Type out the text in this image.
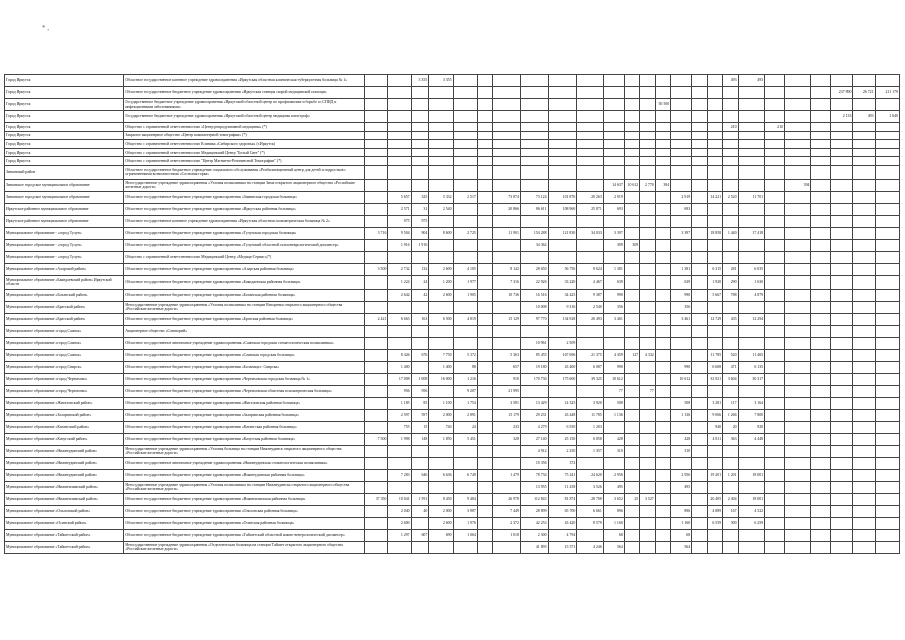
* ,
Город Иркутск	Областное государственное казенное учреждение здравоохранения «Иркутская областная клиническая туберкулезная больница № 1»			3 355	3 355														493	493						
Город Иркутск	Областное государственное бюджетное учреждение здравоохранения «Иркутская станция скорой медицинской помощи»																							237 890	26 721	211 179
Город Иркутск	Государственное бюджетное учреждение здравоохранения «Иркутский областной центр по профилактике и борьбе со СПИД и инфекционными заболеваниями»														50 500											
Город Иркутск	Государственное бюджетное учреждение здравоохранения «Иркутский областной центр медицины катастроф»																							2 133	493	1 640
Город Иркутск	Общество с ограниченной ответственностью «Центр репродуктивной медицины» (*)																		210		210					
Город Иркутск	Закрытое акционерное общество «Центр компьютерной томографии» (*)																									
Город Иркутск	Общество с ограниченной ответственностью Клиника «Сибирского здоровья» (г.Иркутск)																									
Город Иркутск	Общество с ограниченной ответственностью Медицинский Центр "Белый Свет" (*)																									
Город Иркутск	Общество с ограниченной ответственностью "Центр Магнитно-Резонансной Томографии" (*)																									
Зиминский район	Областное государственное бюджетное учреждение социального обслуживания «Реабилитационный центр для детей и подростков с ограниченными возможностями «Сосновая горка»																									
Зиминское городское муниципальное образование	Негосударственное учреждение здравоохранения «Узловая поликлиника на станции Зима открытого акционерного общества «Российские железные дороги»											14 637	10 612	2 770	394							394				
Зиминское городское муниципальное образование	Областное государственное бюджетное учреждение здравоохранения «Зиминская городская больница»		5 657	325	5 332	2 517		73 874	73 124	101 876	20 263	2 919				2 919		14 221	2 520	11 701						
Иркутское районное муниципальное образование	Областное государственное бюджетное учреждение здравоохранения «Иркутская районная больница»		2 571	31	2 540			20 866	86 611	108 960	25 871	693				693										
Иркутское районное муниципальное образование	Областное государственное казенное учреждение здравоохранения «Иркутская областная психиатрическая больница № 2»		975	975																						
Муниципальное образование - «город Тулун»	Областное государственное бюджетное учреждение здравоохранения «Тулунская городская больница»	3 716	9 504	904	8 600	2 725		11 901	154 288	121 830	34 033	3 397				3 397		18 858	1 440	17 418						
Муниципальное образование - «город Тулун»	Областное государственное бюджетное учреждение здравоохранения «Тулунский областной психоневрологический диспансер»		1 916	1 916					34 362			309	309													
Муниципальное образование - «город Тулун»	Общество с ограниченной ответственностью Медицинский Центр «Медица-Сервис»(*)																									
Муниципальное образование «Аларский район»	Областное государственное бюджетное учреждение здравоохранения «Аларская районная больница»	3 500	2 732	132	2 600	4 105		8 142	28 650	56 756	8 624	1 381				1 381		6 315	281	6 035						
Муниципальное образование «Баяндаевский район» Иркутской области	Областное государственное бюджетное учреждение здравоохранения «Баяндаевская районная больница»		1 224	24	1 200	1 977		7 316	22 926	33 220	4 467	639				639		1 920	290	1 630						
Муниципальное образование «Боханский район»	Областное государственное бюджетное учреждение здравоохранения «Боханская районная больница»		2 642	42	2 600	1 905		10 736	16 516	34 425	9 387	990				990		5 667	788	4 879						
Муниципальное образование «Братский район»	Негосударственное учреждение здравоохранения «Узловая поликлиника на станции Вихоревка открытого акционерного общества «Российские железные дороги»								10 008	9 316	2 540	356				356										
Муниципальное образование «Братский район»	Областное государственное бюджетное учреждение здравоохранения «Братская районная больница»	2 421	6 663	163	6 500	4 819		15 129	97 770	134 928	20 493	3 461				3 461		12 729	435	12 294						
Муниципальное образование «город Саянск»	Акционерное общество «Санаторий»																									
Муниципальное образование «город Саянск»	Областное государственное автономное учреждение здравоохранения «Саянская городская стоматологическая поликлиника»								10 961	2 509																
Муниципальное образование «город Саянск»	Областное государственное бюджетное учреждение здравоохранения «Саянская городская больница»		8 426	676	7 750	5 372		5 363	85 455	167 696	21 375	4 459	127	4 332				11 785	520	11 465						
Муниципальное образование «город Свирск»	Областное государственное бюджетное учреждение здравоохранения «Больница г. Свирска»		1 400		1 400	88		657	19 180	43 400	6 087	990				990		6 608	471	6 135						
Муниципальное образование «город Черемхово»	Областное государственное бюджетное учреждение здравоохранения «Черемховская городская больница № 1»		17 008	1 008	16 000	1 216		910	170 730	175 600	39 325	10 612				10 612		33 921	3 604	30 317						
Муниципальное образование «город Черемхово»	Областное государственное бюджетное учреждение здравоохранения «Черемховская областная психиатрическая больница»		956	956		9 207		21 995				77		77												
Муниципальное образование «Жигаловский район»	Областное государственное бюджетное учреждение здравоохранения «Жигаловская районная больница»		1 185	85	1 100	1 754		3 581	13 429	14 325	3 920	508				508		3 281	117	3 164						
Муниципальное образование «Заларинский район»	Областное государственное бюджетное учреждение здравоохранения «Заларинская районная больница»		2 597	597	2 000	2 891		15 179	29 231	43 448	11 785	1 136				1 136		9 066	1 266	7 800						
Муниципальное образование «Катангский район»	Областное государственное бюджетное учреждение здравоохранения «Катангская районная больница»		755	15	740	24		233	4 279	6 550	1 203							940	20	920						
Муниципальное образование «Качугский район»	Областное государственное бюджетное учреждение здравоохранения «Качугская районная больница»	7 500	1 998	148	1 850	5 451		328	27 140	25 150	6 858	428				428		4 811	363	4 448						
Муниципальное образование «Нижнеудинский район»	Негосударственное учреждение здравоохранения «Узловая больница на станции Нижнеудинск открытого акционерного общества «Российские железные дороги»								4 912	2 250	1 357	310				310										
Муниципальное образование «Нижнеудинский район»	Областное государственное автономное учреждение здравоохранения «Нижнеудинская стоматологическая поликлиника»								10 356	372																
Муниципальное образование «Нижнеудинский район»	Областное государственное бюджетное учреждение здравоохранения «Нижнеудинская районная больница»		7 283	646	6 636	6 749		1 479	78 734	75 241	24 620	2 956				2 956		19 201	1 201	18 001						
Муниципальное образование «Нижнеилимский район»	Негосударственное учреждение здравоохранения «Узловая поликлиника на станции Нижнеудинска открытого акционерного общества «Российские железные дороги»								13 955	11 258	3 526	495				495										
Муниципальное образование «Нижнеилимский район»	Областное государственное бюджетное учреждение здравоохранения «Нижнеилимская районная больница»	37 350	10 041	1 591	8 450	9 484		26 978	112 843	81 874	28 708	3 652	25	3 527				20 405	2 404	18 001						
Муниципальное образование «Ольхонский район»	Областное государственное бюджетное учреждение здравоохранения «Ольхонская районная больница»		2 040	40	2 000	3 987		7 449	28 899	65 700	6 661	896				896		4 889	167	4 522						
Муниципальное образование «Осинский район»	Областное государственное бюджетное учреждение здравоохранения «Осинская районная больница»		2 600		2 600	1 976		2 372	42 253	43 420	8 579	1 160				1 160		6 559	300	6 259						
Муниципальное образование «Тайшетский район»	Областное государственное бюджетное учреждение здравоохранения «Тайшетский областной кожно-венерологический диспансер»		1 297	607	690	1 064		1 018	2 300	4 794		68				68										
Муниципальное образование «Тайшетский район»	Негосударственное учреждение здравоохранения «Отделенческая больница на станции Тайшет открытого акционерного общества «Российские железные дороги»								41 893	15 571	4 246	564				564										
